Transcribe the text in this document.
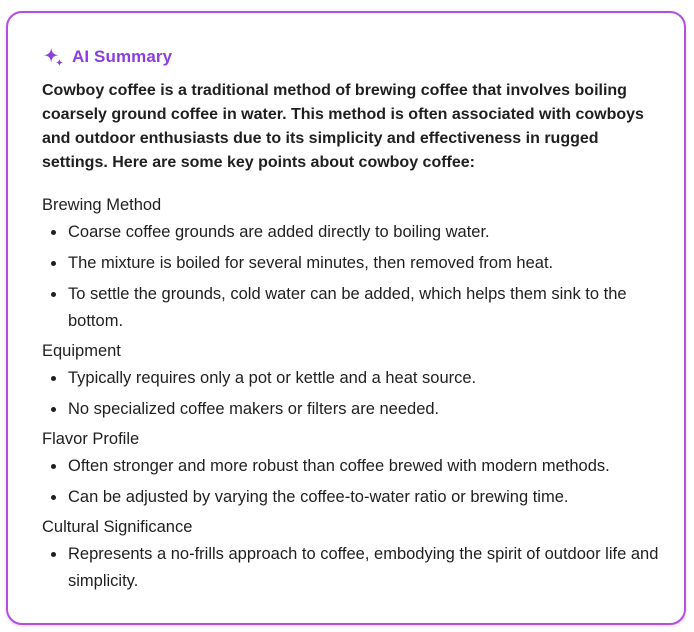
AI Summary

Cowboy coffee is a traditional method of brewing coffee that involves boiling coarsely ground coffee in water. This method is often associated with cowboys and outdoor enthusiasts due to its simplicity and effectiveness in rugged settings. Here are some key points about cowboy coffee:

Brewing Method

Coarse coffee grounds are added directly to boiling water.
The mixture is boiled for several minutes, then removed from heat.
To settle the grounds, cold water can be added, which helps them sink to the bottom.

Equipment

Typically requires only a pot or kettle and a heat source.
No specialized coffee makers or filters are needed.

Flavor Profile

Often stronger and more robust than coffee brewed with modern methods.
Can be adjusted by varying the coffee-to-water ratio or brewing time.

Cultural Significance

Represents a no-frills approach to coffee, embodying the spirit of outdoor life and simplicity.
